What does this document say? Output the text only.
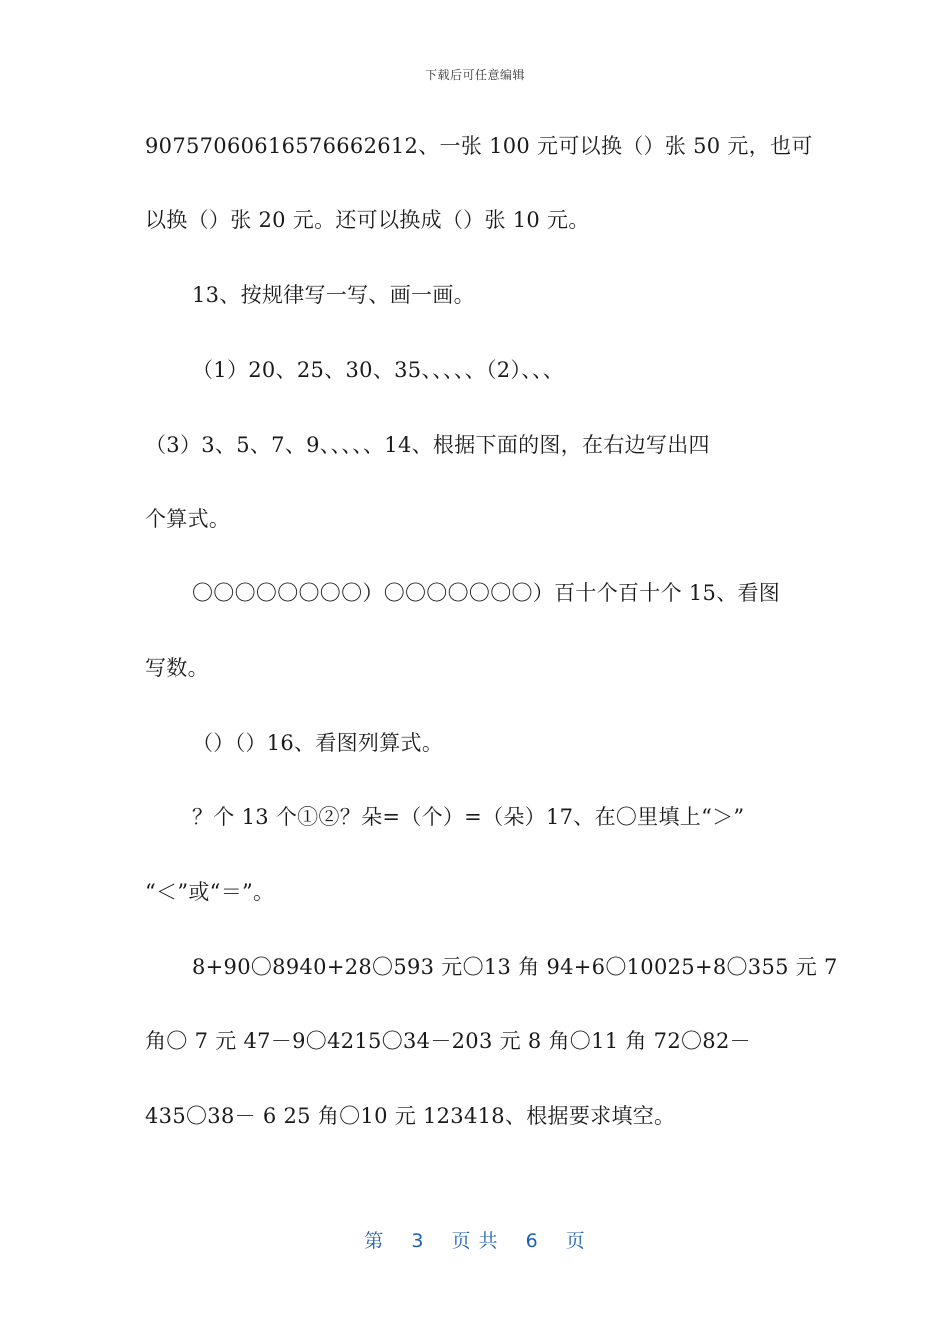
下载后可任意编辑
90757060616576662612、一张 100 元可以换（）张 50 元，也可
以换（）张 20 元。还可以换成（）张 10 元。
13、按规律写一写、画一画。
（1）20、25、30、35、、、、、（2）、、、
（3）3、5、7、9、、、、、14、根据下面的图，在右边写出四
个算式。
〇〇〇〇〇〇〇〇）〇〇〇〇〇〇〇）百十个百十个 15、看图
写数。
（）（）16、看图列算式。
？个 13 个①②？朵=（个）=（朵）17、在〇里填上“＞”
“＜”或“＝”。
8+90〇8940+28〇593 元〇13 角 94+6〇10025+8〇355 元 7
角〇 7 元 47－9〇4215〇34－203 元 8 角〇11 角 72〇82－
435〇38－ 6 25 角〇10 元 123418、根据要求填空。
第 3 页 共 6 页
